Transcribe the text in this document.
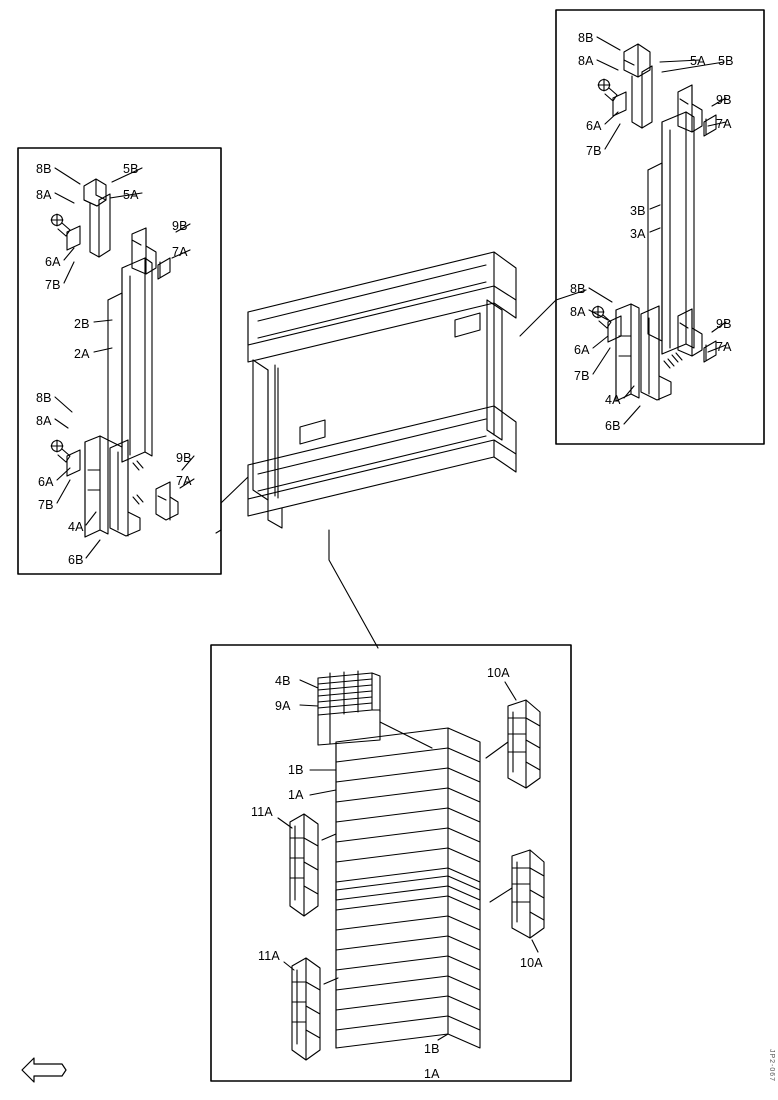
8B
8A
5B
5A
9B
7A
6A
7B
2B
2A
8B
8A
9B
7A
6A
7B
4A
6B
8B
8A	5A 5B
9B
7A
6A
7B
3B
3A
8B
8A
9B
7A
6A
7B
4A
6B
4B
9A
10A
1B
1A
11A
11A	10A
1B
1A	JP2-067
